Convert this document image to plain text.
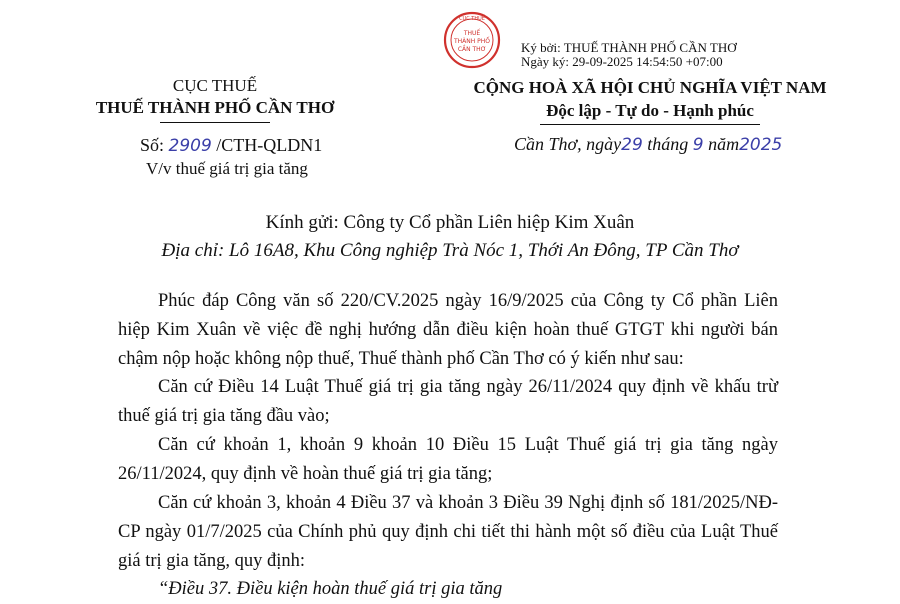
CỤC THUẾ
THUẾ
THÀNH PHỐ
CẦN THƠ	Ký bởi: THUẾ THÀNH PHỐ CẦN THƠ
Ngày ký: 29-09-2025 14:54:50 +07:00
CỤC THUẾ
THUẾ THÀNH PHỐ CẦN THƠ
Số: 2909 /CTH-QLDN1
V/v thuế giá trị gia tăng
CỘNG HOÀ XÃ HỘI CHỦ NGHĨA VIỆT NAM
Độc lập - Tự do - Hạnh phúc
Cần Thơ, ngày29 tháng 9 năm2025
Kính gửi: Công ty Cổ phần Liên hiệp Kim Xuân
Địa chỉ: Lô 16A8, Khu Công nghiệp Trà Nóc 1, Thới An Đông, TP Cần Thơ
Phúc đáp Công văn số 220/CV.2025 ngày 16/9/2025 của Công ty Cổ phần Liên hiệp Kim Xuân về việc đề nghị hướng dẫn điều kiện hoàn thuế GTGT khi người bán chậm nộp hoặc không nộp thuế, Thuế thành phố Cần Thơ có ý kiến như sau:
Căn cứ Điều 14 Luật Thuế giá trị gia tăng ngày 26/11/2024 quy định về khấu trừ thuế giá trị gia tăng đầu vào;
Căn cứ khoản 1, khoản 9 khoản 10 Điều 15 Luật Thuế giá trị gia tăng ngày 26/11/2024, quy định về hoàn thuế giá trị gia tăng;
Căn cứ khoản 3, khoản 4 Điều 37 và khoản 3 Điều 39 Nghị định số 181/2025/NĐ-CP ngày 01/7/2025 của Chính phủ quy định chi tiết thi hành một số điều của Luật Thuế giá trị gia tăng, quy định:
“Điều 37. Điều kiện hoàn thuế giá trị gia tăng
